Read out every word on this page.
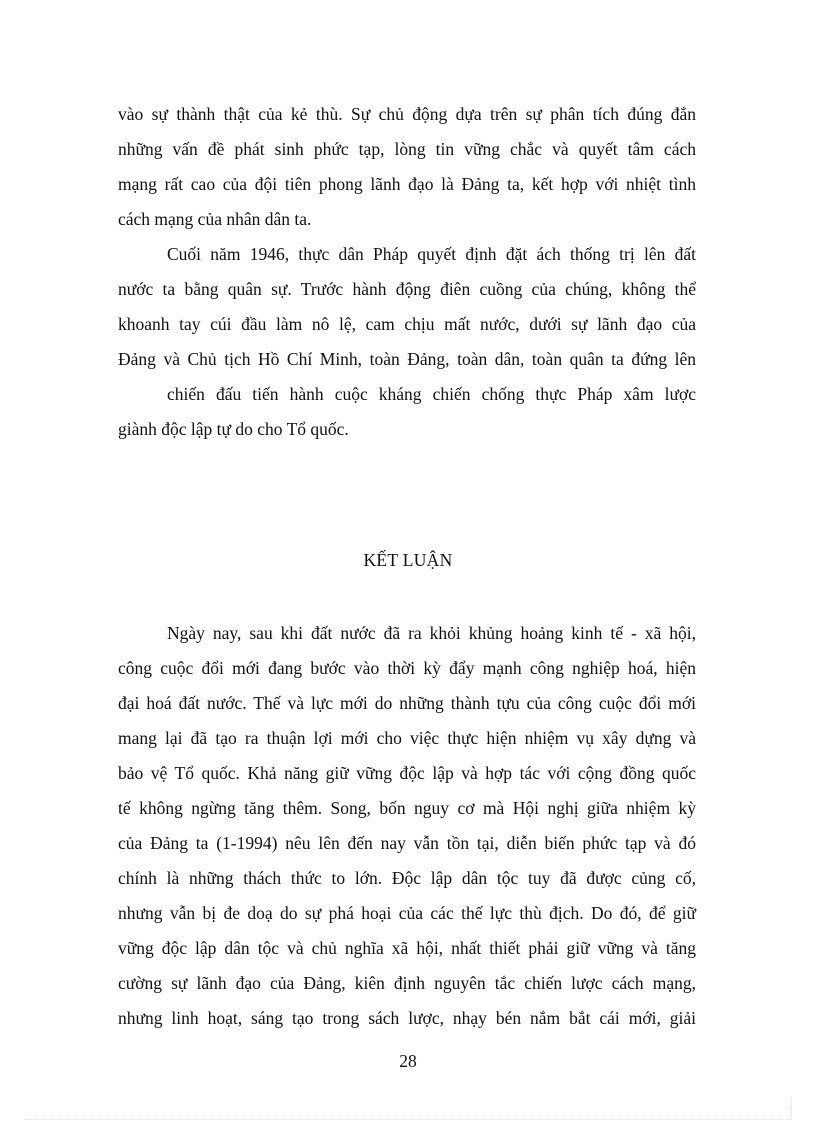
vào sự thành thật của kẻ thù. Sự chủ động dựa trên sự phân tích đúng đắn
những vấn đề phát sinh phức tạp, lòng tin vững chắc và quyết tâm cách
mạng rất cao của đội tiên phong lãnh đạo là Đảng ta, kết hợp với nhiệt tình
cách mạng của nhân dân ta.

Cuối năm 1946, thực dân Pháp quyết định đặt ách thống trị lên đất
nước ta bằng quân sự. Trước hành động điên cuồng của chúng, không thể
khoanh tay cúi đầu làm nô lệ, cam chịu mất nước, dưới sự lãnh đạo của
Đảng và Chủ tịch Hồ Chí Minh, toàn Đảng, toàn dân, toàn quân ta đứng lên

chiến đấu tiến hành cuộc kháng chiến chống thực Pháp xâm lược
giành độc lập tự do cho Tổ quốc.

KẾT LUẬN

Ngày nay, sau khi đất nước đã ra khỏi khủng hoảng kinh tế - xã hội,
công cuộc đổi mới đang bước vào thời kỳ đẩy mạnh công nghiệp hoá, hiện
đại hoá đất nước. Thế và lực mới do những thành tựu của công cuộc đổi mới
mang lại đã tạo ra thuận lợi mới cho việc thực hiện nhiệm vụ xây dựng và
bảo vệ Tổ quốc. Khả năng giữ vững độc lập và hợp tác với cộng đồng quốc
tế không ngừng tăng thêm. Song, bốn nguy cơ mà Hội nghị giữa nhiệm kỳ
của Đảng ta (1-1994) nêu lên đến nay vẫn tồn tại, diễn biến phức tạp và đó
chính là những thách thức to lớn. Độc lập dân tộc tuy đã được củng cố,
nhưng vẫn bị đe doạ do sự phá hoại của các thế lực thù địch. Do đó, để giữ
vững độc lập dân tộc và chủ nghĩa xã hội, nhất thiết phải giữ vững và tăng
cường sự lãnh đạo của Đảng, kiên định nguyên tắc chiến lược cách mạng,
nhưng linh hoạt, sáng tạo trong sách lược, nhạy bén nắm bắt cái mới, giải

28
